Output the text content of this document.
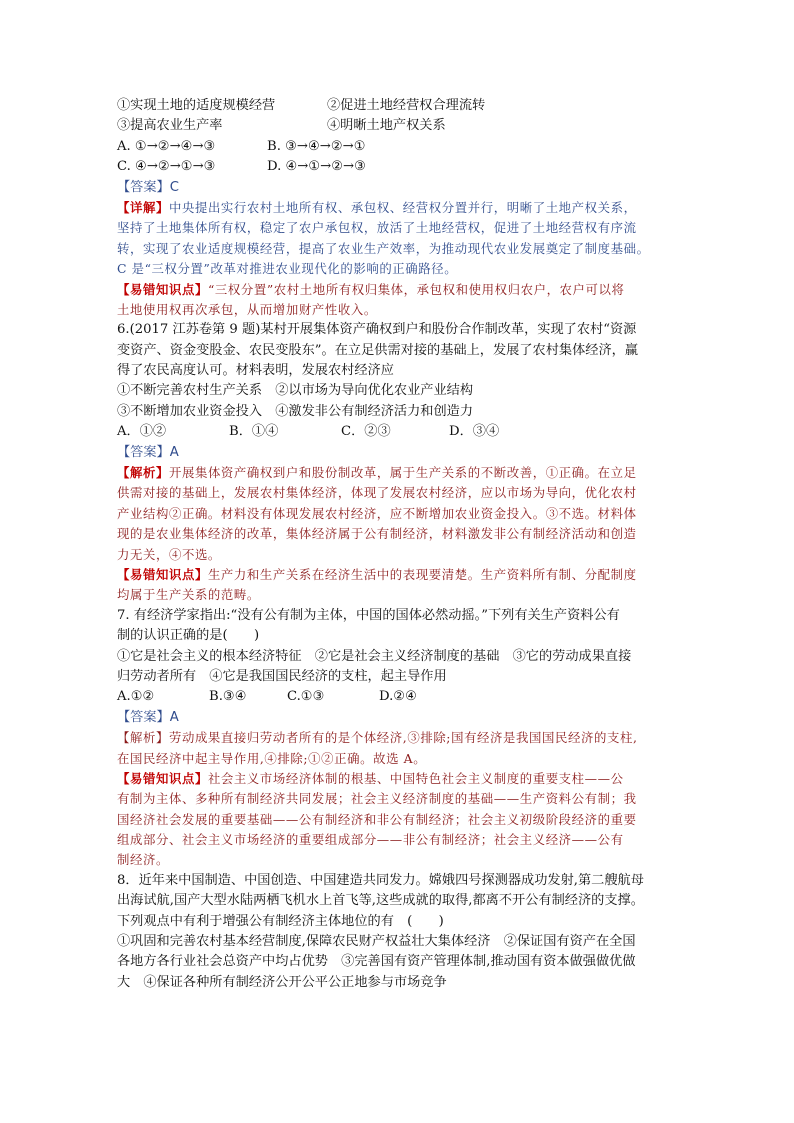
①实现土地的适度规模经营	②促进土地经营权合理流转
③提高农业生产率	④明晰土地产权关系
A. ①→②→④→③	B. ③→④→②→①
C. ④→②→①→③	D. ④→①→②→③
【答案】C
【详解】中央提出实行农村土地所有权、承包权、经营权分置并行，明晰了土地产权关系，
坚持了土地集体所有权，稳定了农户承包权，放活了土地经营权，促进了土地经营权有序流
转，实现了农业适度规模经营，提高了农业生产效率，为推动现代农业发展奠定了制度基础。
C 是“三权分置”改革对推进农业现代化的影响的正确路径。
【易错知识点】“三权分置”农村土地所有权归集体，承包权和使用权归农户，农户可以将
土地使用权再次承包，从而增加财产性收入。
6.(2017 江苏卷第 9 题)某村开展集体资产确权到户和股份合作制改革，实现了农村“资源
变资产、资金变股金、农民变股东”。在立足供需对接的基础上，发展了农村集体经济，赢
得了农民高度认可。材料表明，发展农村经济应
①不断完善农村生产关系　②以市场为导向优化农业产业结构
③不断增加农业资金投入　④激发非公有制经济活力和创造力
A．①②	B．①④	C．②③	D．③④
【答案】A
【解析】开展集体资产确权到户和股份制改革，属于生产关系的不断改善，①正确。在立足
供需对接的基础上，发展农村集体经济，体现了发展农村经济，应以市场为导向，优化农村
产业结构②正确。材料没有体现发展农村经济，应不断增加农业资金投入。③不选。材料体
现的是农业集体经济的改革，集体经济属于公有制经济，材料激发非公有制经济活动和创造
力无关，④不选。
【易错知识点】生产力和生产关系在经济生活中的表现要清楚。生产资料所有制、分配制度
均属于生产关系的范畴。
7. 有经济学家指出:“没有公有制为主体，中国的国体必然动摇。”下列有关生产资料公有
制的认识正确的是(　　)
①它是社会主义的根本经济特征　②它是社会主义经济制度的基础　③它的劳动成果直接
归劳动者所有　④它是我国国民经济的支柱，起主导作用
A.①②	B.③④	C.①③	D.②④
【答案】A
【解析】劳动成果直接归劳动者所有的是个体经济,③排除;国有经济是我国国民经济的支柱,
在国民经济中起主导作用,④排除;①②正确。故选 A。
【易错知识点】社会主义市场经济体制的根基、中国特色社会主义制度的重要支柱——公
有制为主体、多种所有制经济共同发展；社会主义经济制度的基础——生产资料公有制；我
国经济社会发展的重要基础——公有制经济和非公有制经济；社会主义初级阶段经济的重要
组成部分、社会主义市场经济的重要组成部分——非公有制经济；社会主义经济——公有
制经济。
8．近年来中国制造、中国创造、中国建造共同发力。嫦娥四号探测器成功发射,第二艘航母
出海试航,国产大型水陆两栖飞机水上首飞等,这些成就的取得,都离不开公有制经济的支撑。
下列观点中有利于增强公有制经济主体地位的有　(　　)
①巩固和完善农村基本经营制度,保障农民财产权益壮大集体经济　②保证国有资产在全国
各地方各行业社会总资产中均占优势　③完善国有资产管理体制,推动国有资本做强做优做
大　④保证各种所有制经济公开公平公正地参与市场竞争
